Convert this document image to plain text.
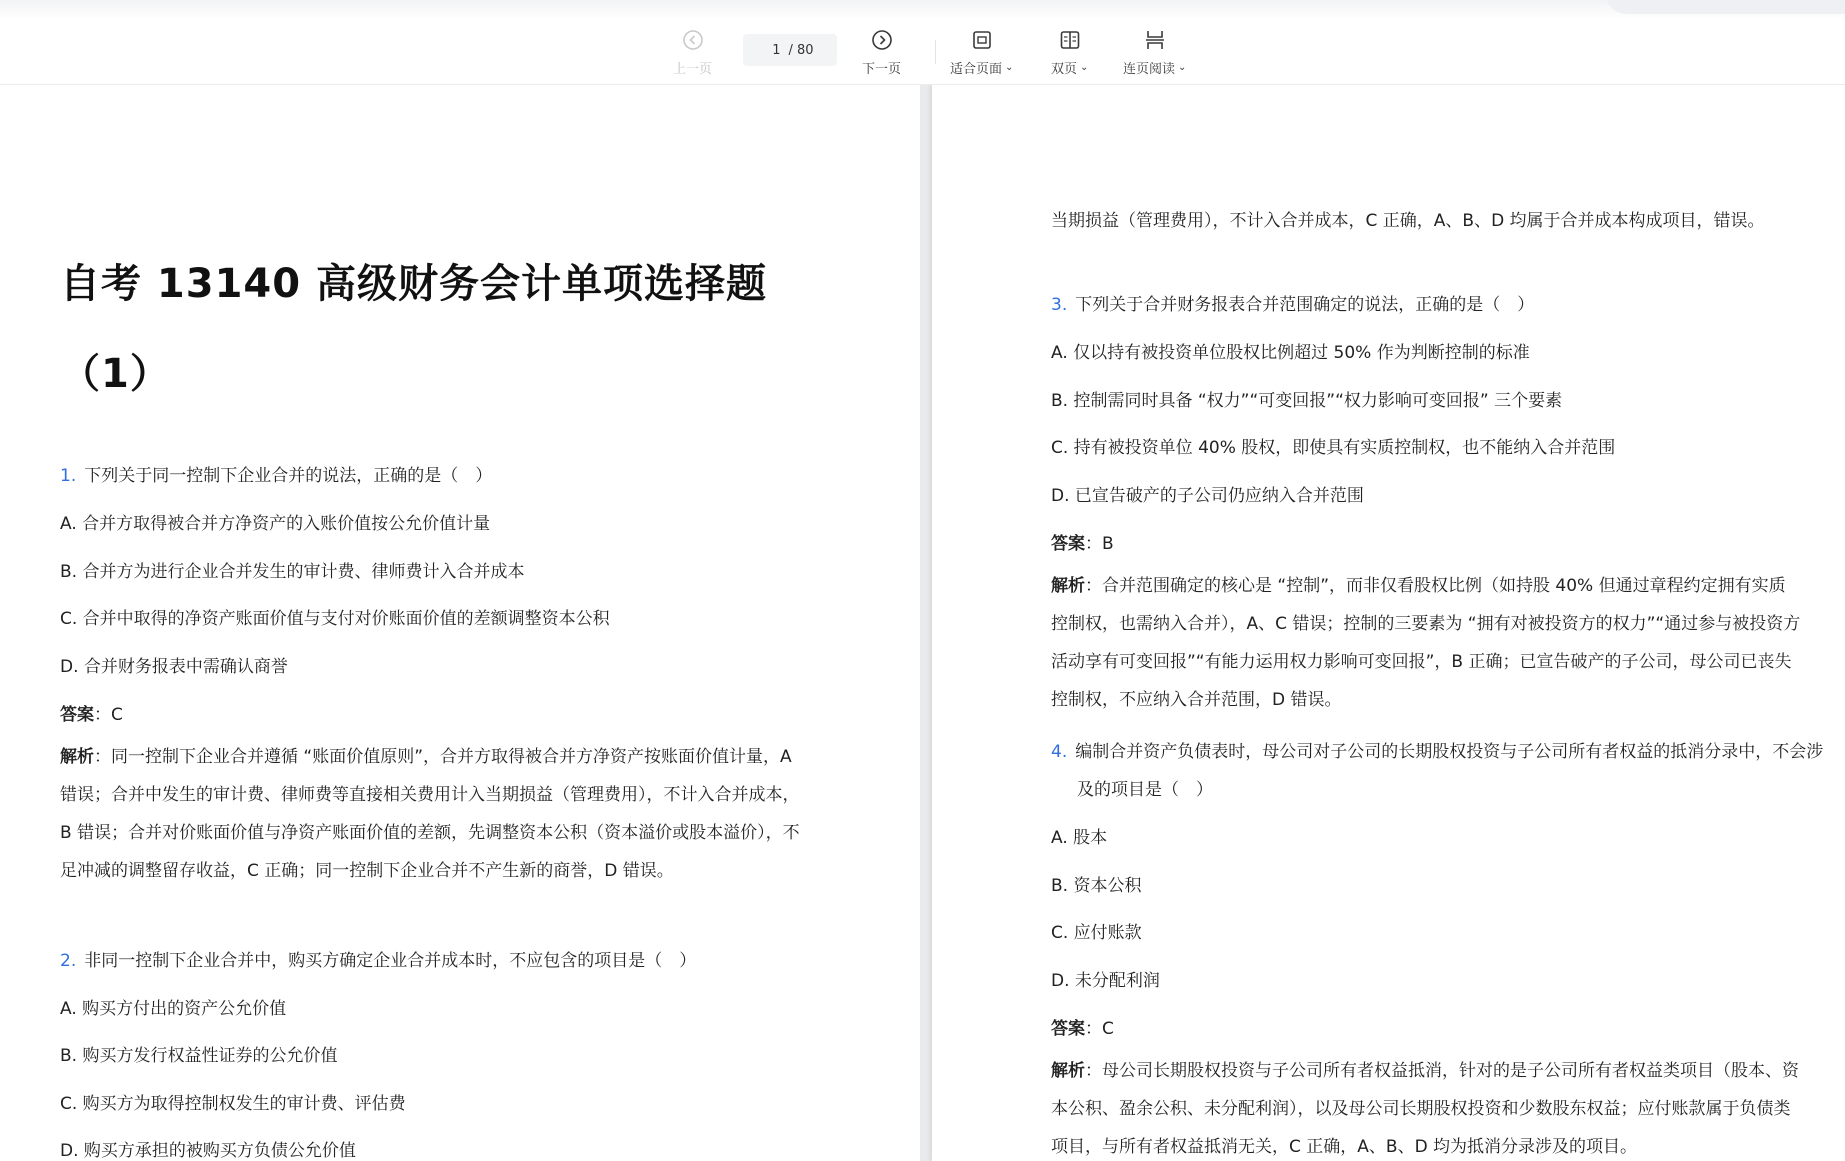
上一页
1
/ 80
下一页	适合页面 ⌄	双页 ⌄	连页阅读 ⌄
自考 13140 高级财务会计单项选择题（1）
1. 下列关于同一控制下企业合并的说法，正确的是（　）
A. 合并方取得被合并方净资产的入账价值按公允价值计量
B. 合并方为进行企业合并发生的审计费、律师费计入合并成本
C. 合并中取得的净资产账面价值与支付对价账面价值的差额调整资本公积
D. 合并财务报表中需确认商誉
答案：C
解析：同一控制下企业合并遵循 “账面价值原则”，合并方取得被合并方净资产按账面价值计量，A 错误；合并中发生的审计费、律师费等直接相关费用计入当期损益（管理费用），不计入合并成本，B 错误；合并对价账面价值与净资产账面价值的差额，先调整资本公积（资本溢价或股本溢价），不足冲减的调整留存收益，C 正确；同一控制下企业合并不产生新的商誉，D 错误。
2. 非同一控制下企业合并中，购买方确定企业合并成本时，不应包含的项目是（　）
A. 购买方付出的资产公允价值
B. 购买方发行权益性证券的公允价值
C. 购买方为取得控制权发生的审计费、评估费
D. 购买方承担的被购买方负债公允价值
当期损益（管理费用），不计入合并成本，C 正确，A、B、D 均属于合并成本构成项目，错误。
3. 下列关于合并财务报表合并范围确定的说法，正确的是（　）
A. 仅以持有被投资单位股权比例超过 50% 作为判断控制的标准
B. 控制需同时具备 “权力”“可变回报”“权力影响可变回报” 三个要素
C. 持有被投资单位 40% 股权，即使具有实质控制权，也不能纳入合并范围
D. 已宣告破产的子公司仍应纳入合并范围
答案：B
解析：合并范围确定的核心是 “控制”，而非仅看股权比例（如持股 40% 但通过章程约定拥有实质控制权，也需纳入合并），A、C 错误；控制的三要素为 “拥有对被投资方的权力”“通过参与被投资方活动享有可变回报”“有能力运用权力影响可变回报”，B 正确；已宣告破产的子公司，母公司已丧失控制权，不应纳入合并范围，D 错误。
4. 编制合并资产负债表时，母公司对子公司的长期股权投资与子公司所有者权益的抵消分录中，不会涉及的项目是（　）
A. 股本
B. 资本公积
C. 应付账款
D. 未分配利润
答案：C
解析：母公司长期股权投资与子公司所有者权益抵消，针对的是子公司所有者权益类项目（股本、资本公积、盈余公积、未分配利润），以及母公司长期股权投资和少数股东权益；应付账款属于负债类项目，与所有者权益抵消无关，C 正确，A、B、D 均为抵消分录涉及的项目。
